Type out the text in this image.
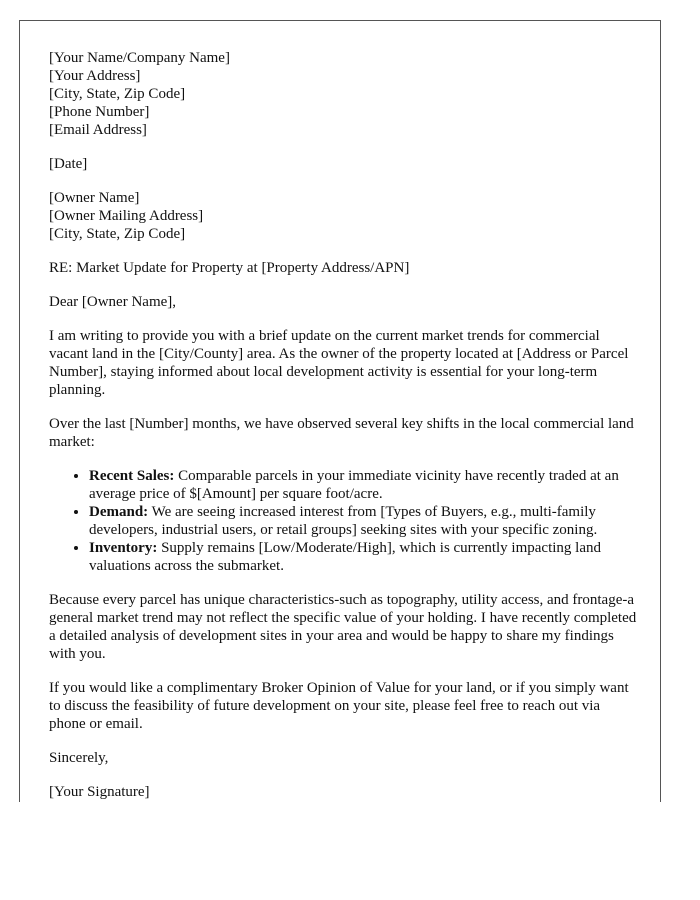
[Your Name/Company Name]
[Your Address]
[City, State, Zip Code]
[Phone Number]
[Email Address]
[Date]
[Owner Name]
[Owner Mailing Address]
[City, State, Zip Code]

RE: Market Update for Property at [Property Address/APN]

Dear [Owner Name],

I am writing to provide you with a brief update on the current market trends for commercial vacant land in the [City/County] area. As the owner of the property located at [Address or Parcel Number], staying informed about local development activity is essential for your long-term planning.

Over the last [Number] months, we have observed several key shifts in the local commercial land market:

• Recent Sales: Comparable parcels in your immediate vicinity have recently traded at an average price of $[Amount] per square foot/acre.
• Demand: We are seeing increased interest from [Types of Buyers, e.g., multi-family developers, industrial users, or retail groups] seeking sites with your specific zoning.
• Inventory: Supply remains [Low/Moderate/High], which is currently impacting land valuations across the submarket.

Because every parcel has unique characteristics-such as topography, utility access, and frontage-a general market trend may not reflect the specific value of your holding. I have recently completed a detailed analysis of development sites in your area and would be happy to share my findings with you.

If you would like a complimentary Broker Opinion of Value for your land, or if you simply want to discuss the feasibility of future development on your site, please feel free to reach out via phone or email.

Sincerely,

[Your Signature]
